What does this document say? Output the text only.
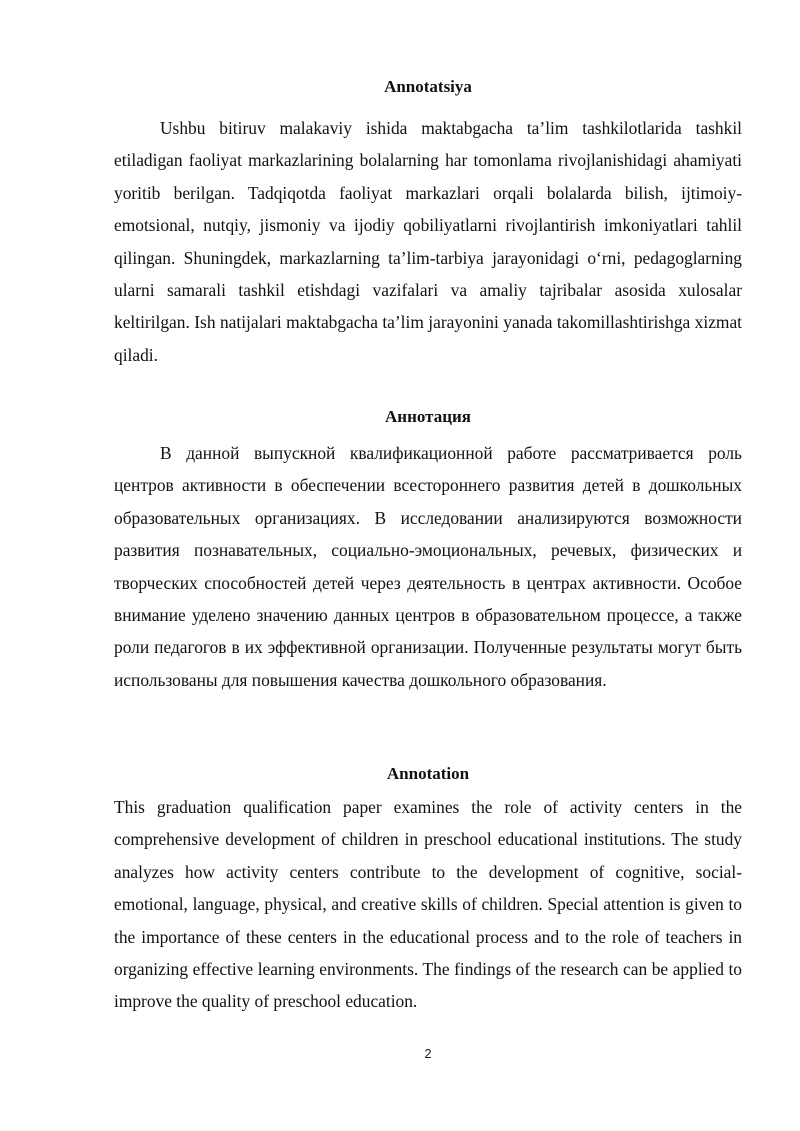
Annotatsiya

Ushbu bitiruv malakaviy ishida maktabgacha ta’lim tashkilotlarida tashkil etiladigan faoliyat markazlarining bolalarning har tomonlama rivojlanishidagi ahamiyati yoritib berilgan. Tadqiqotda faoliyat markazlari orqali bolalarda bilish, ijtimoiy-emotsional, nutqiy, jismoniy va ijodiy qobiliyatlarni rivojlantirish imkoniyatlari tahlil qilingan. Shuningdek, markazlarning ta’lim-tarbiya jarayonidagi o‘rni, pedagoglarning ularni samarali tashkil etishdagi vazifalari va amaliy tajribalar asosida xulosalar keltirilgan. Ish natijalari maktabgacha ta’lim jarayonini yanada takomillashtirishga xizmat qiladi.

Аннотация

В данной выпускной квалификационной работе рассматривается роль центров активности в обеспечении всестороннего развития детей в дошкольных образовательных организациях. В исследовании анализируются возможности развития познавательных, социально-эмоциональных, речевых, физических и творческих способностей детей через деятельность в центрах активности. Особое внимание уделено значению данных центров в образовательном процессе, а также роли педагогов в их эффективной организации. Полученные результаты могут быть использованы для повышения качества дошкольного образования.

Annotation

This graduation qualification paper examines the role of activity centers in the comprehensive development of children in preschool educational institutions. The study analyzes how activity centers contribute to the development of cognitive, social-emotional, language, physical, and creative skills of children. Special attention is given to the importance of these centers in the educational process and to the role of teachers in organizing effective learning environments. The findings of the research can be applied to improve the quality of preschool education.

2
